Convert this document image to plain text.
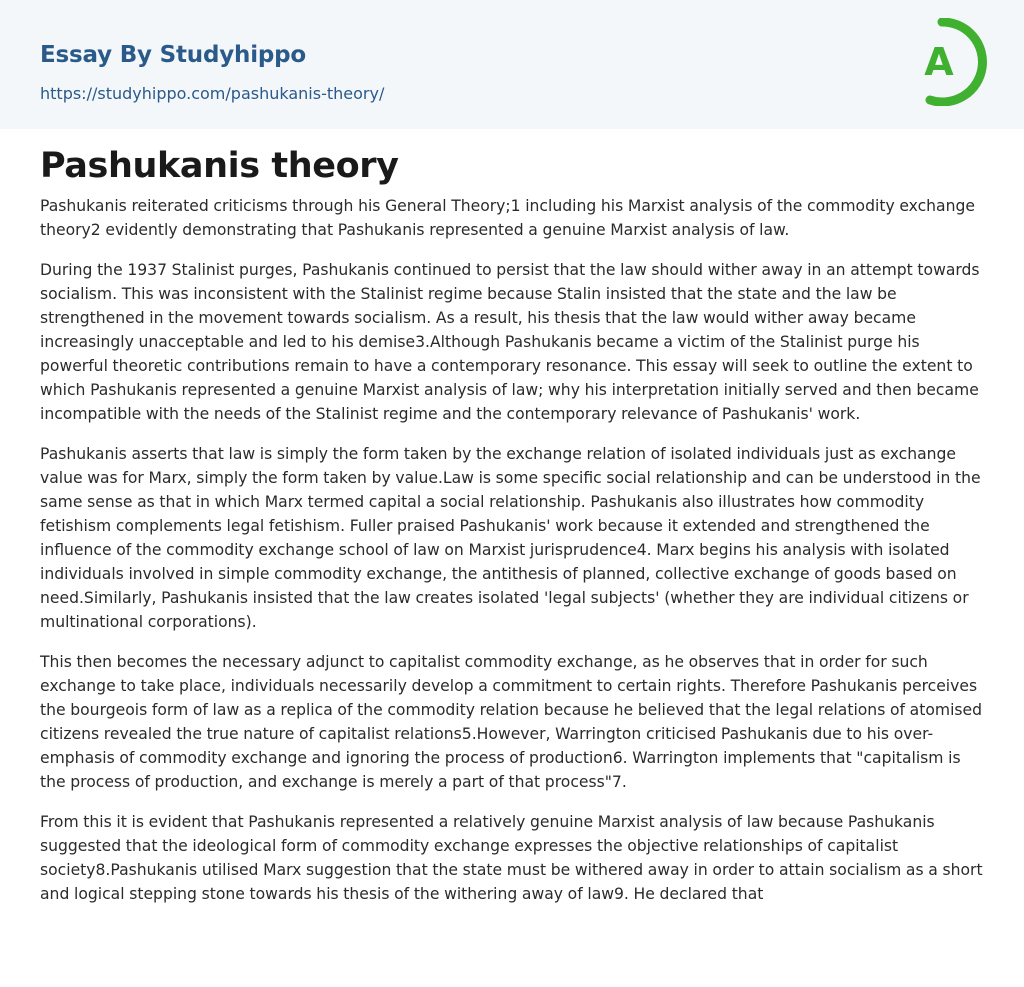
Essay By Studyhippo
https://studyhippo.com/pashukanis-theory/
A
Pashukanis theory

Pashukanis reiterated criticisms through his General Theory;1 including his Marxist analysis of the commodity exchange theory2 evidently demonstrating that Pashukanis represented a genuine Marxist analysis of law.

During the 1937 Stalinist purges, Pashukanis continued to persist that the law should wither away in an attempt towards socialism. This was inconsistent with the Stalinist regime because Stalin insisted that the state and the law be strengthened in the movement towards socialism. As a result, his thesis that the law would wither away became increasingly unacceptable and led to his demise3.Although Pashukanis became a victim of the Stalinist purge his powerful theoretic contributions remain to have a contemporary resonance. This essay will seek to outline the extent to which Pashukanis represented a genuine Marxist analysis of law; why his interpretation initially served and then became incompatible with the needs of the Stalinist regime and the contemporary relevance of Pashukanis' work.

Pashukanis asserts that law is simply the form taken by the exchange relation of isolated individuals just as exchange value was for Marx, simply the form taken by value.Law is some specific social relationship and can be understood in the same sense as that in which Marx termed capital a social relationship. Pashukanis also illustrates how commodity fetishism complements legal fetishism. Fuller praised Pashukanis' work because it extended and strengthened the influence of the commodity exchange school of law on Marxist jurisprudence4. Marx begins his analysis with isolated individuals involved in simple commodity exchange, the antithesis of planned, collective exchange of goods based on need.Similarly, Pashukanis insisted that the law creates isolated 'legal subjects' (whether they are individual citizens or multinational corporations).

This then becomes the necessary adjunct to capitalist commodity exchange, as he observes that in order for such exchange to take place, individuals necessarily develop a commitment to certain rights. Therefore Pashukanis perceives the bourgeois form of law as a replica of the commodity relation because he believed that the legal relations of atomised citizens revealed the true nature of capitalist relations5.However, Warrington criticised Pashukanis due to his over-emphasis of commodity exchange and ignoring the process of production6. Warrington implements that "capitalism is the process of production, and exchange is merely a part of that process"7.

From this it is evident that Pashukanis represented a relatively genuine Marxist analysis of law because Pashukanis suggested that the ideological form of commodity exchange expresses the objective relationships of capitalist society8.Pashukanis utilised Marx suggestion that the state must be withered away in order to attain socialism as a short and logical stepping stone towards his thesis of the withering away of law9. He declared that
